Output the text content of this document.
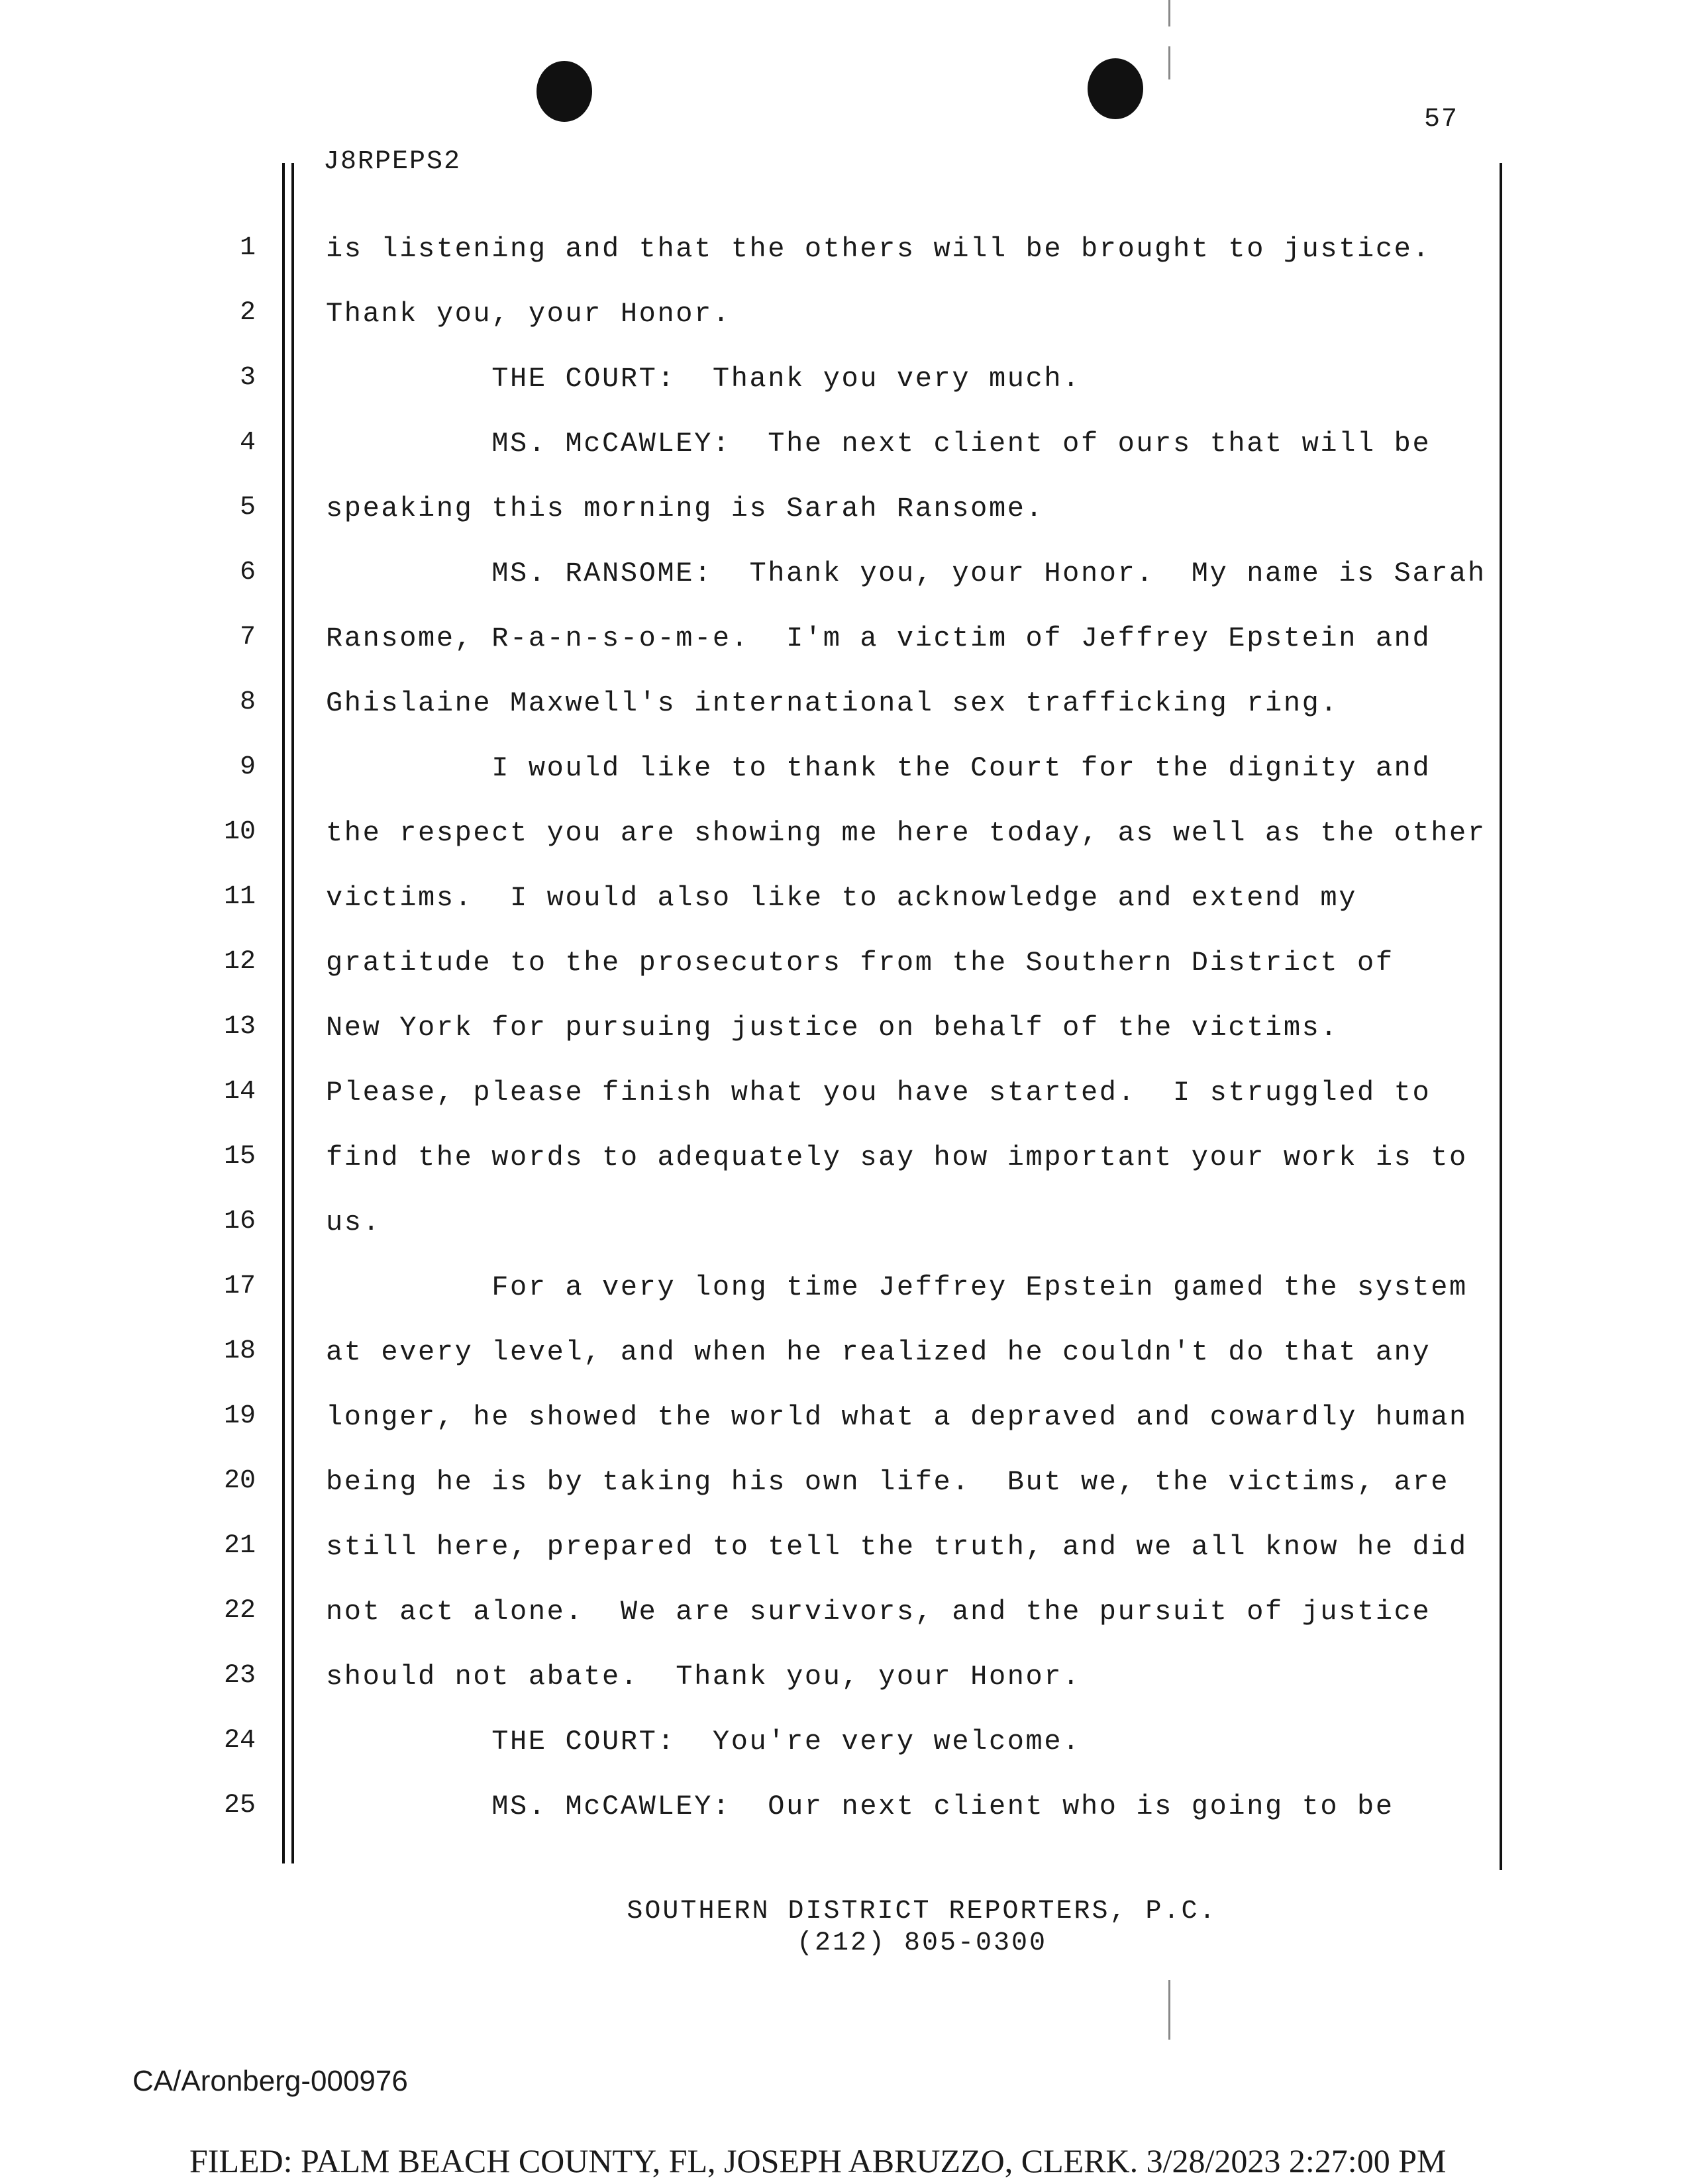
57
J8RPEPS2
1	is listening and that the others will be brought to justice.
2	Thank you, your Honor.
3	THE COURT:  Thank you very much.
4	MS. McCAWLEY:  The next client of ours that will be
5	speaking this morning is Sarah Ransome.
6	MS. RANSOME:  Thank you, your Honor.  My name is Sarah
7	Ransome, R-a-n-s-o-m-e.  I'm a victim of Jeffrey Epstein and
8	Ghislaine Maxwell's international sex trafficking ring.
9	I would like to thank the Court for the dignity and
10	the respect you are showing me here today, as well as the other
11	victims.  I would also like to acknowledge and extend my
12	gratitude to the prosecutors from the Southern District of
13	New York for pursuing justice on behalf of the victims.
14	Please, please finish what you have started.  I struggled to
15	find the words to adequately say how important your work is to
16	us.
17	For a very long time Jeffrey Epstein gamed the system
18	at every level, and when he realized he couldn't do that any
19	longer, he showed the world what a depraved and cowardly human
20	being he is by taking his own life.  But we, the victims, are
21	still here, prepared to tell the truth, and we all know he did
22	not act alone.  We are survivors, and the pursuit of justice
23	should not abate.  Thank you, your Honor.
24	THE COURT:  You're very welcome.
25	MS. McCAWLEY:  Our next client who is going to be
SOUTHERN DISTRICT REPORTERS, P.C.
(212) 805-0300
CA/Aronberg-000976
FILED: PALM BEACH COUNTY, FL, JOSEPH ABRUZZO, CLERK. 3/28/2023 2:27:00 PM
